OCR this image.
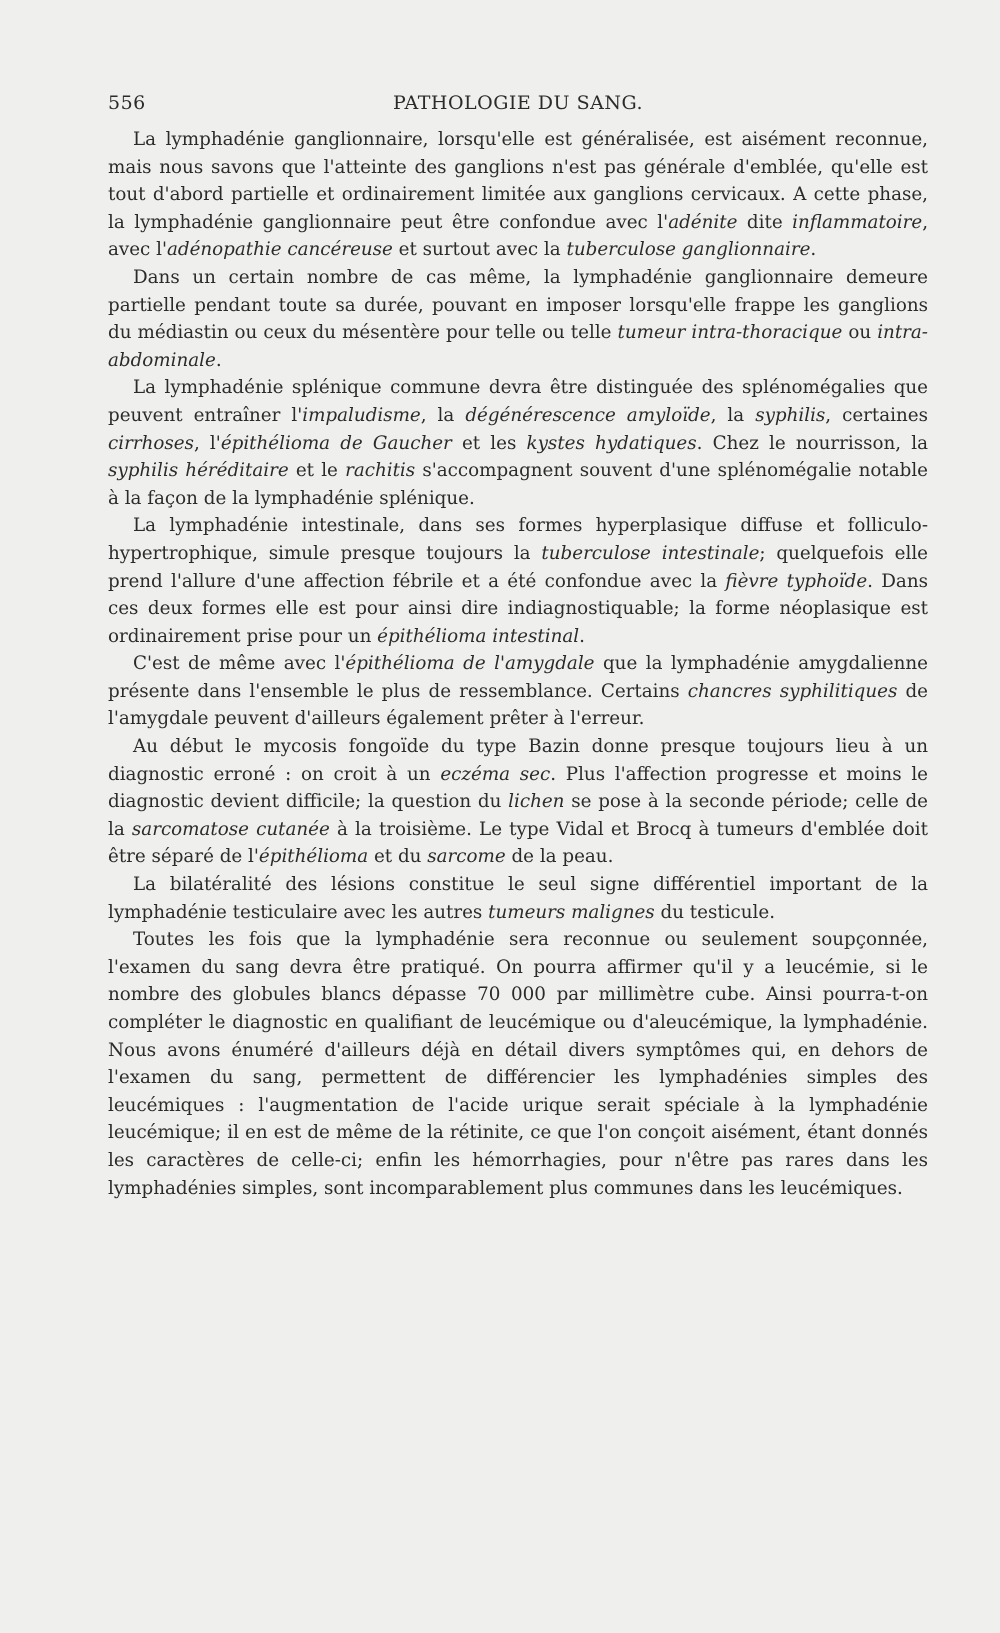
556	PATHOLOGIE DU SANG.

La lymphadénie ganglionnaire, lorsqu'elle est généralisée, est aisément reconnue, mais nous savons que l'atteinte des ganglions n'est pas générale d'emblée, qu'elle est tout d'abord partielle et ordinairement limitée aux ganglions cervicaux. A cette phase, la lymphadénie ganglionnaire peut être confondue avec l'adénite dite inflammatoire, avec l'adénopathie cancéreuse et surtout avec la tuberculose ganglionnaire.

Dans un certain nombre de cas même, la lymphadénie ganglionnaire demeure partielle pendant toute sa durée, pouvant en imposer lorsqu'elle frappe les ganglions du médiastin ou ceux du mésentère pour telle ou telle tumeur intra-thoracique ou intra-abdominale.

La lymphadénie splénique commune devra être distinguée des splénomégalies que peuvent entraîner l'impaludisme, la dégénérescence amyloïde, la syphilis, certaines cirrhoses, l'épithélioma de Gaucher et les kystes hydatiques. Chez le nourrisson, la syphilis héréditaire et le rachitis s'accompagnent souvent d'une splénomégalie notable à la façon de la lymphadénie splénique.

La lymphadénie intestinale, dans ses formes hyperplasique diffuse et folliculo-hypertrophique, simule presque toujours la tuberculose intestinale; quelquefois elle prend l'allure d'une affection fébrile et a été confondue avec la fièvre typhoïde. Dans ces deux formes elle est pour ainsi dire indiagnostiquable; la forme néoplasique est ordinairement prise pour un épithélioma intestinal.

C'est de même avec l'épithélioma de l'amygdale que la lymphadénie amygdalienne présente dans l'ensemble le plus de ressemblance. Certains chancres syphilitiques de l'amygdale peuvent d'ailleurs également prêter à l'erreur.

Au début le mycosis fongoïde du type Bazin donne presque toujours lieu à un diagnostic erroné : on croit à un eczéma sec. Plus l'affection progresse et moins le diagnostic devient difficile; la question du lichen se pose à la seconde période; celle de la sarcomatose cutanée à la troisième. Le type Vidal et Brocq à tumeurs d'emblée doit être séparé de l'épithélioma et du sarcome de la peau.

La bilatéralité des lésions constitue le seul signe différentiel important de la lymphadénie testiculaire avec les autres tumeurs malignes du testicule.

Toutes les fois que la lymphadénie sera reconnue ou seulement soupçonnée, l'examen du sang devra être pratiqué. On pourra affirmer qu'il y a leucémie, si le nombre des globules blancs dépasse 70 000 par millimètre cube. Ainsi pourra-t-on compléter le diagnostic en qualifiant de leucémique ou d'aleucémique, la lymphadénie. Nous avons énuméré d'ailleurs déjà en détail divers symptômes qui, en dehors de l'examen du sang, permettent de différencier les lymphadénies simples des leucémiques : l'augmentation de l'acide urique serait spéciale à la lymphadénie leucémique; il en est de même de la rétinite, ce que l'on conçoit aisément, étant donnés les caractères de celle-ci; enfin les hémorrhagies, pour n'être pas rares dans les lymphadénies simples, sont incomparablement plus communes dans les leucémiques.
